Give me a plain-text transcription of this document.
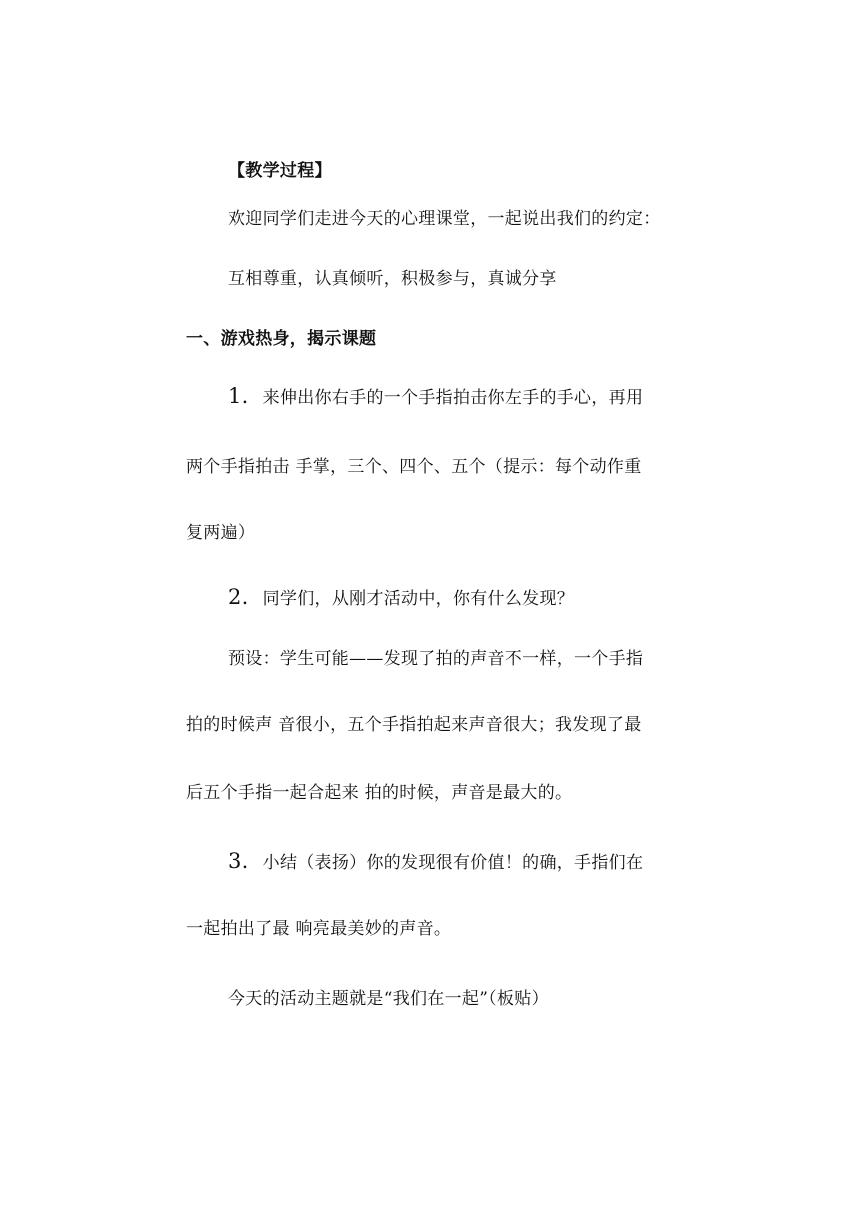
【教学过程】

欢迎同学们走进今天的心理课堂，一起说出我们的约定：

互相尊重，认真倾听，积极参与，真诚分享

一、游戏热身，揭示课题

1. 来伸出你右手的一个手指拍击你左手的手心，再用

两个手指拍击 手掌，三个、四个、五个（提示：每个动作重

复两遍）

2. 同学们，从刚才活动中，你有什么发现？

预设：学生可能——发现了拍的声音不一样，一个手指

拍的时候声 音很小，五个手指拍起来声音很大；我发现了最

后五个手指一起合起来 拍的时候，声音是最大的。

3. 小结（表扬）你的发现很有价值！的确，手指们在

一起拍出了最 响亮最美妙的声音。

今天的活动主题就是“我们在一起”（板贴）
